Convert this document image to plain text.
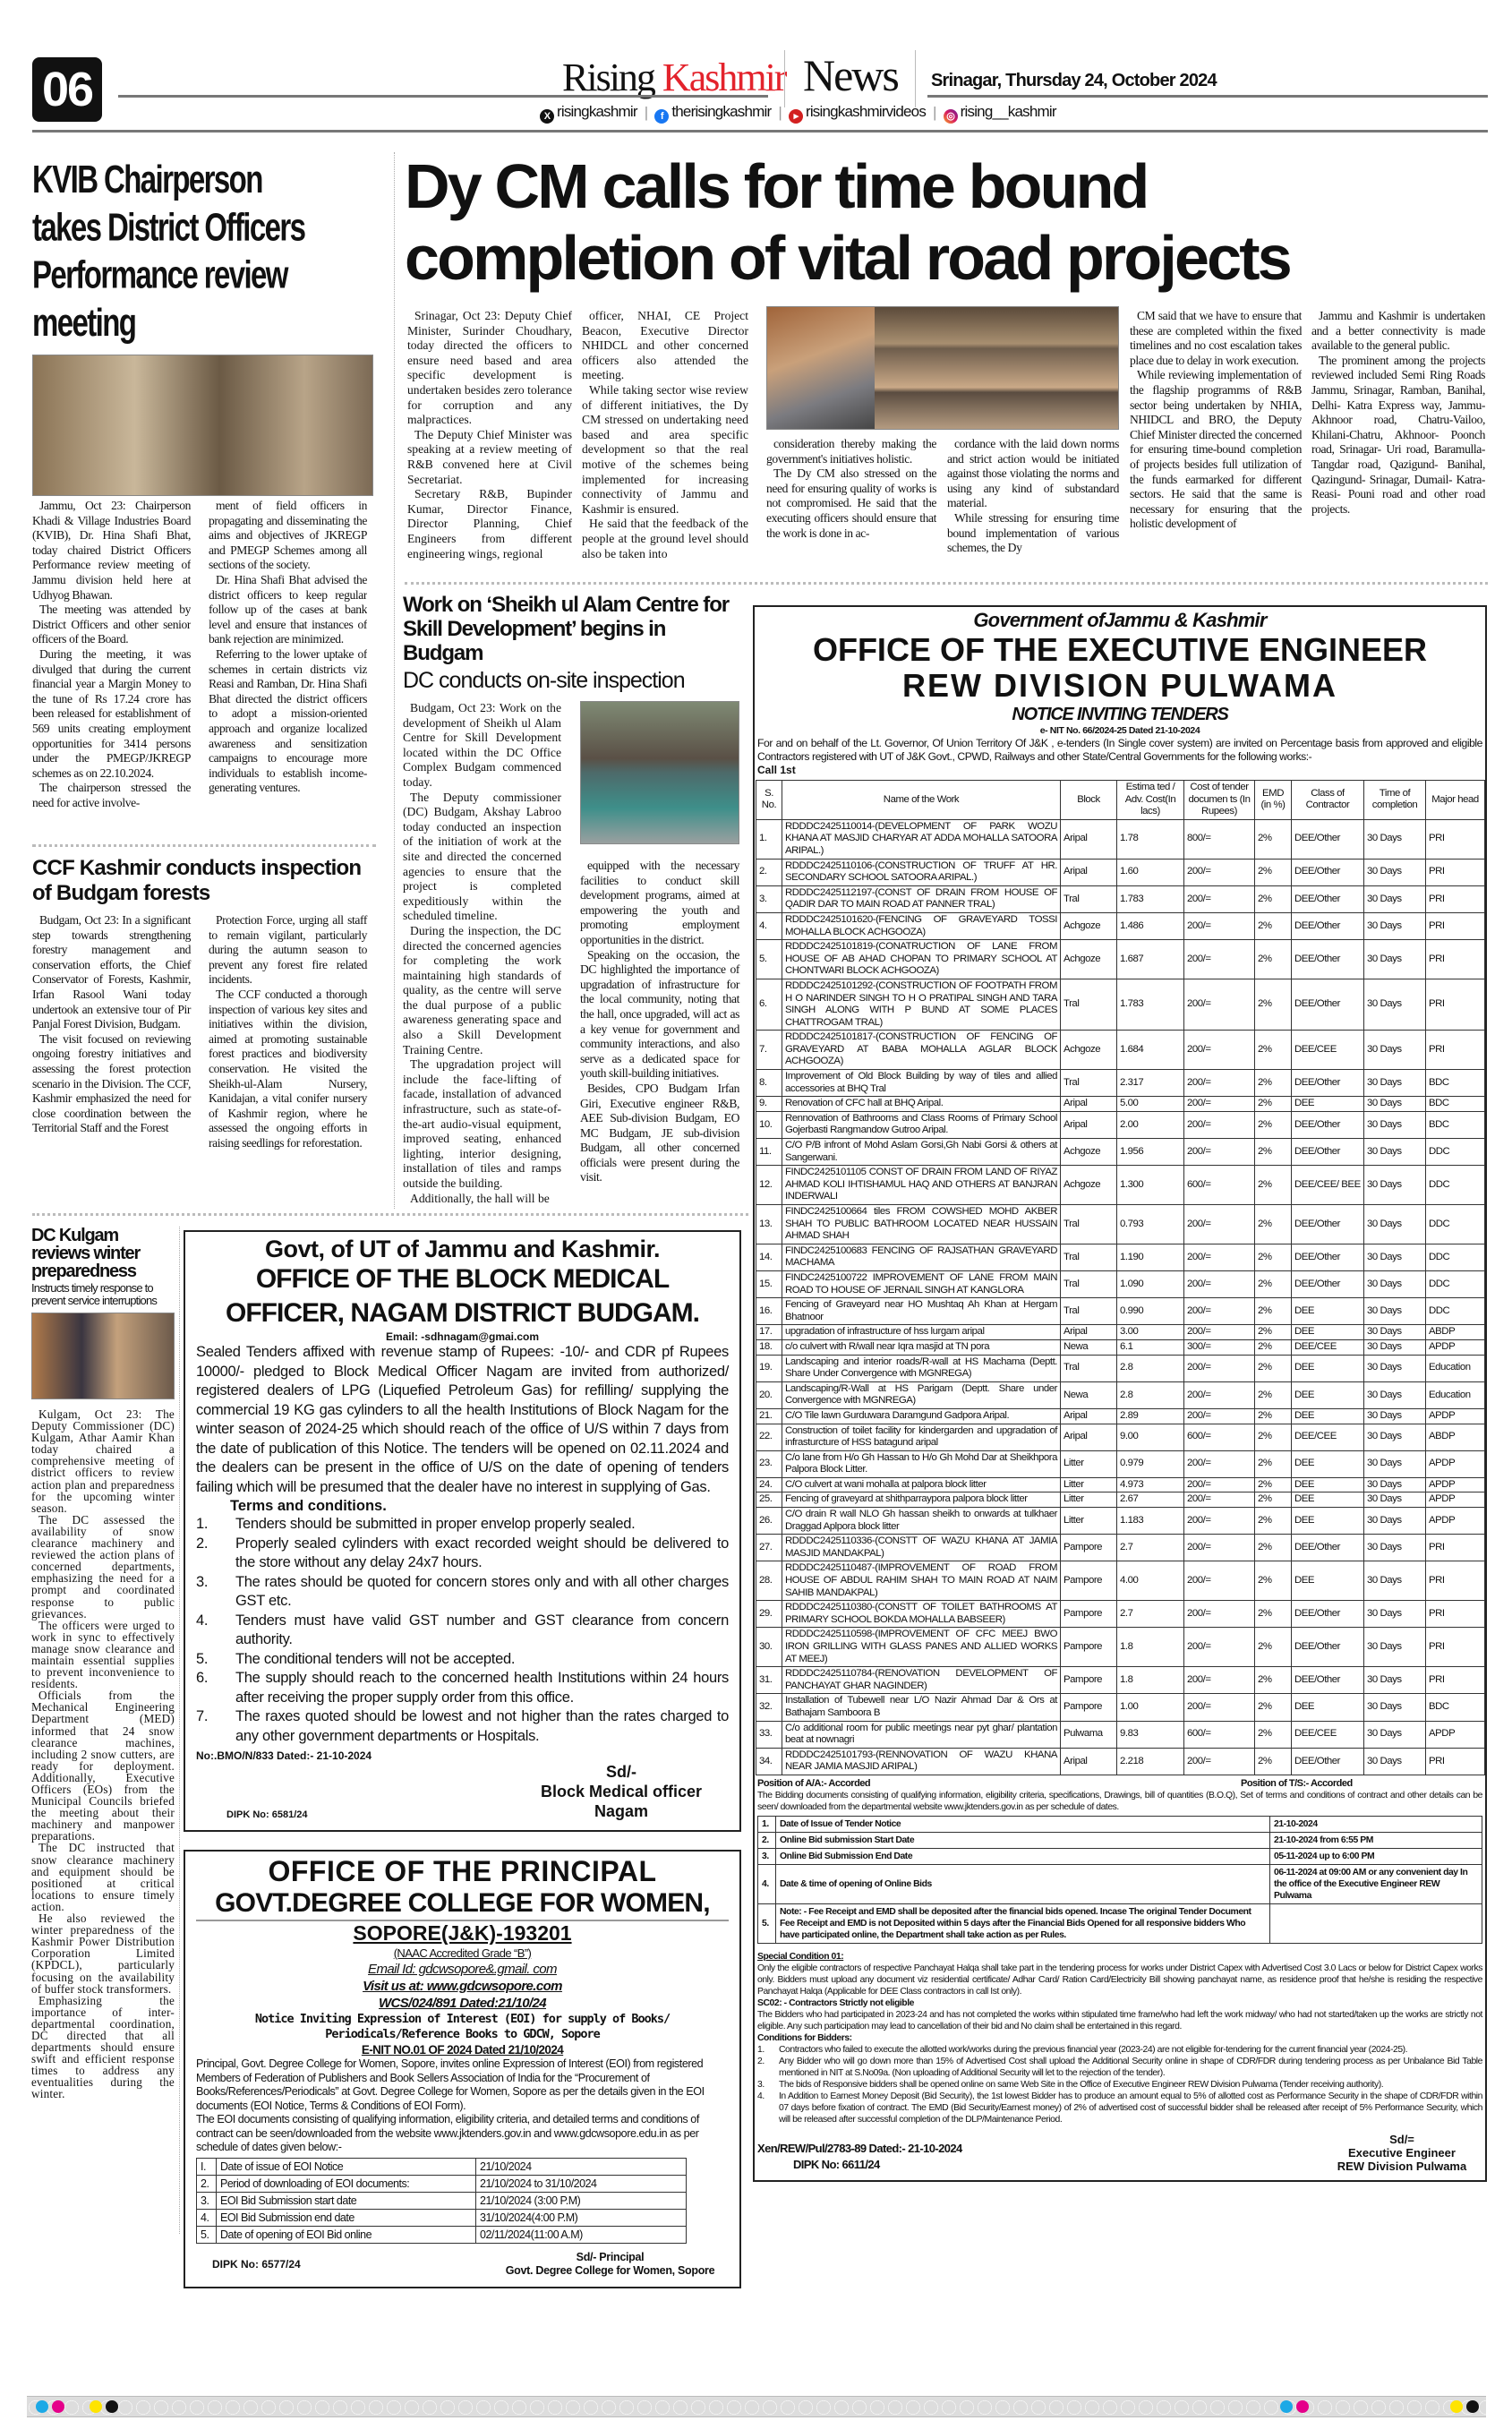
06	Rising Kashmir News Srinagar, Thursday 24, October 2024
X risingkashmir |	f therisingkashmir |	▸ risingkashmirvideos |	◎ rising__kashmir
KVIB Chairperson
takes District Officers
Performance review
meeting

Jammu, Oct 23: Chairperson Khadi & Village Industries Board (KVIB), Dr. Hina Shafi Bhat, today chaired District Officers Performance review meeting of Jammu division held here at Udhyog Bhawan.

The meeting was attended by District Officers and other senior officers of the Board.

During the meeting, it was divulged that during the current financial year a Margin Money to the tune of Rs 17.24 crore has been released for establishment of 569 units creating employment opportunities for 3414 persons under the PMEGP/JKREGP schemes as on 22.10.2024.

The chairperson stressed the need for active involve-

ment of field officers in propagating and disseminating the aims and objectives of JKREGP and PMEGP Schemes among all sections of the society.

Dr. Hina Shafi Bhat advised the district officers to keep regular follow up of the cases at bank level and ensure that instances of bank rejection are minimized.

Referring to the lower uptake of schemes in certain districts viz Reasi and Ramban, Dr. Hina Shafi Bhat directed the district officers to adopt a mission-oriented approach and organize localized awareness and sensitization campaigns to encourage more individuals to establish income-generating ventures.

CCF Kashmir conducts inspection of Budgam forests

Budgam, Oct 23: In a significant step towards strengthening forestry management and conservation efforts, the Chief Conservator of Forests, Kashmir, Irfan Rasool Wani today undertook an extensive tour of Pir Panjal Forest Division, Budgam.

The visit focused on reviewing ongoing forestry initiatives and assessing the forest protection scenario in the Division. The CCF, Kashmir emphasized the need for close coordination between the Territorial Staff and the Forest

Protection Force, urging all staff to remain vigilant, particularly during the autumn season to prevent any forest fire related incidents.

The CCF conducted a thorough inspection of various key sites and initiatives within the division, aimed at promoting sustainable forest practices and biodiversity conservation. He visited the Sheikh-ul-Alam Nursery, Kanidajan, a vital conifer nursery of Kashmir region, where he assessed the ongoing efforts in raising seedlings for reforestation.

Dy CM calls for time bound
completion of vital road projects

Srinagar, Oct 23: Deputy Chief Minister, Surinder Choudhary, today directed the officers to ensure need based and area specific development is undertaken besides zero tolerance for corruption and any malpractices.

The Deputy Chief Minister was speaking at a review meeting of R&B convened here at Civil Secretariat.

Secretary R&B, Bupinder Kumar, Director Finance, Director Planning, Chief Engineers from different engineering wings, regional

officer, NHAI, CE Project Beacon, Executive Director NHIDCL and other concerned officers also attended the meeting.

While taking sector wise review of different initiatives, the Dy CM stressed on undertaking need based and area specific development so that the real motive of the schemes being implemented for increasing connectivity of Jammu and Kashmir is ensured.

He said that the feedback of the people at the ground level should also be taken into

consideration thereby making the government's initiatives holistic.

The Dy CM also stressed on the need for ensuring quality of works is not compromised. He said that the executing officers should ensure that the work is done in ac-

cordance with the laid down norms and strict action would be initiated against those violating the norms and using any kind of substandard material.

While stressing for ensuring time bound implementation of various schemes, the Dy

CM said that we have to ensure that these are completed within the fixed timelines and no cost escalation takes place due to delay in work execution.

While reviewing implementation of the flagship programms of R&B sector being undertaken by NHIA, NHIDCL and BRO, the Deputy Chief Minister directed the concerned for ensuring time-bound completion of projects besides full utilization of the funds earmarked for different sectors. He said that the same is necessary for ensuring that the holistic development of

Jammu and Kashmir is undertaken and a better connectivity is made available to the general public.

The prominent among the projects reviewed included Semi Ring Roads Jammu, Srinagar, Ramban, Banihal, Delhi- Katra Express way, Jammu-Akhnoor road, Chatru-Vailoo, Khilani-Chatru, Akhnoor- Poonch road, Srinagar- Uri road, Baramulla- Tangdar road, Qazigund- Banihal, Qazingund- Srinagar, Dumail- Katra- Reasi- Pouni road and other road projects.

Work on ‘Sheikh ul Alam Centre for Skill Development’ begins in Budgam
DC conducts on-site inspection

Budgam, Oct 23: Work on the development of Sheikh ul Alam Centre for Skill Development located within the DC Office Complex Budgam commenced today.

The Deputy commissioner (DC) Budgam, Akshay Labroo today conducted an inspection of the initiation of work at the site and directed the concerned agencies to ensure that the project is completed expeditiously within the scheduled timeline.

During the inspection, the DC directed the concerned agencies for completing the work maintaining high standards of quality, as the centre will serve the dual purpose of a public awareness generating space and also a Skill Development Training Centre.

The upgradation project will include the face-lifting of facade, installation of advanced infrastructure, such as state-of-the-art audio-visual equipment, improved seating, enhanced lighting, interior designing, installation of tiles and ramps outside the building.

Additionally, the hall will be

equipped with the necessary facilities to conduct skill development programs, aimed at empowering the youth and promoting employment opportunities in the district.

Speaking on the occasion, the DC highlighted the importance of upgradation of infrastructure for the local community, noting that the hall, once upgraded, will act as a key venue for government and community interactions, and also serve as a dedicated space for youth skill-building initiatives.

Besides, CPO Budgam Irfan Giri, Executive engineer R&B, AEE Sub-division Budgam, EO MC Budgam, JE sub-division Budgam, all other concerned officials were present during the visit.

Government ofJammu & Kashmir
OFFICE OF THE EXECUTIVE ENGINEER
REW DIVISION PULWAMA
NOTICE INVITING TENDERS
e- NIT No. 66/2024-25 Dated 21-10-2024
For and on behalf of the Lt. Governor, Of Union Territory Of J&K , e-tenders (In Single cover system) are invited on Percentage basis from approved and eligible Contractors registered with UT of J&K Govt., CPWD, Railways and other State/Central Governments for the following works:-
Call 1st
S. No.	Name of the Work	Block	Estima ted / Adv. Cost(In lacs)	Cost of tender documen ts (In Rupees)	EMD (in %)	Class of Contractor	Time of completion	Major head
1.	RDDDC2425110014-(DEVELOPMENT OF PARK WOZU KHANA AT MASJID CHARYAR AT ADDA MOHALLA SATOORA ARIPAL.)	Aripal	1.78	800/=	2%	DEE/Other	30 Days	PRI
2.	RDDDC2425110106-(CONSTRUCTION OF TRUFF AT HR. SECONDARY SCHOOL SATOORA ARIPAL.)	Aripal	1.60	200/=	2%	DEE/Other	30 Days	PRI
3.	RDDDC2425112197-(CONST OF DRAIN FROM HOUSE OF QADIR DAR TO MAIN ROAD AT PANNER TRAL)	Tral	1.783	200/=	2%	DEE/Other	30 Days	PRI
4.	RDDDC2425101620-(FENCING OF GRAVEYARD TOSSI MOHALLA BLOCK ACHGOOZA)	Achgoze	1.486	200/=	2%	DEE/Other	30 Days	PRI
5.	RDDDC2425101819-(CONATRUCTION OF LANE FROM HOUSE OF AB AHAD CHOPAN TO PRIMARY SCHOOL AT CHONTWARI BLOCK ACHGOOZA)	Achgoze	1.687	200/=	2%	DEE/Other	30 Days	PRI
6.	RDDDC2425101292-(CONSTRUCTION OF FOOTPATH FROM H O NARINDER SINGH TO H O PRATIPAL SINGH AND TARA SINGH ALONG WITH P BUND AT SOME PLACES CHATTROGAM TRAL)	Tral	1.783	200/=	2%	DEE/Other	30 Days	PRI
7.	RDDDC2425101817-(CONSTRUCTION OF FENCING OF GRAVEYARD AT BABA MOHALLA AGLAR BLOCK ACHGOOZA)	Achgoze	1.684	200/=	2%	DEE/CEE	30 Days	PRI
8.	Improvement of Old Block Building by way of tiles and allied accessories at BHQ Tral	Tral	2.317	200/=	2%	DEE/Other	30 Days	BDC
9.	Renovation of CFC hall at BHQ Aripal.	Aripal	5.00	200/=	2%	DEE	30 Days	BDC
10.	Rennovation of Bathrooms and Class Rooms of Primary School Gojerbasti Rangmandow Gutroo Aripal.	Aripal	2.00	200/=	2%	DEE/Other	30 Days	BDC
11.	C/O P/B infront of Mohd Aslam Gorsi,Gh Nabi Gorsi & others at Sangerwani.	Achgoze	1.956	200/=	2%	DEE/Other	30 Days	DDC
12.	FINDC2425101105 CONST OF DRAIN FROM LAND OF RIYAZ AHMAD KOLI IHTISHAMUL HAQ AND OTHERS AT BANJRAN INDERWALI	Achgoze	1.300	600/=	2%	DEE/CEE/ BEE	30 Days	DDC
13.	FINDC2425100664 tiles FROM COWSHED MOHD AKBER SHAH TO PUBLIC BATHROOM LOCATED NEAR HUSSAIN AHMAD SHAH	Tral	0.793	200/=	2%	DEE/Other	30 Days	DDC
14.	FINDC2425100683 FENCING OF RAJSATHAN GRAVEYARD MACHAMA	Tral	1.190	200/=	2%	DEE/Other	30 Days	DDC
15.	FINDC2425100722 IMPROVEMENT OF LANE FROM MAIN ROAD TO HOUSE OF JERNAIL SINGH AT KANGLORA	Tral	1.090	200/=	2%	DEE/Other	30 Days	DDC
16.	Fencing of Graveyard near HO Mushtaq Ah Khan at Hergam Bhatnoor	Tral	0.990	200/=	2%	DEE	30 Days	DDC
17.	upgradation of infrastructure of hss lurgam aripal	Aripal	3.00	200/=	2%	DEE	30 Days	ABDP
18.	c/o culvert with R/wall near Iqra masjid at TN pora	Newa	6.1	300/=	2%	DEE/CEE	30 Days	APDP
19.	Landscaping and interior roads/R-wall at HS Machama (Deptt. Share Under Convergence with MGNREGA)	Tral	2.8	200/=	2%	DEE	30 Days	Education
20.	Landscaping/R-Wall at HS Parigam (Deptt. Share under Convergence with MGNREGA)	Newa	2.8	200/=	2%	DEE	30 Days	Education
21.	C/O Tile lawn Gurduwara Daramgund Gadpora Aripal.	Aripal	2.89	200/=	2%	DEE	30 Days	APDP
22.	Construction of toilet facility for kindergarden and upgradation of infrasturcture of HSS batagund aripal	Aripal	9.00	600/=	2%	DEE/CEE	30 Days	ABDP
23.	C/o lane from H/o Gh Hassan to H/o Gh Mohd Dar at Sheikhpora Palpora Block Litter.	Litter	0.979	200/=	2%	DEE	30 Days	APDP
24.	C/O culvert at wani mohalla at palpora block litter	Litter	4.973	200/=	2%	DEE	30 Days	APDP
25.	Fencing of graveyard at shithparraypora palpora block litter	Litter	2.67	200/=	2%	DEE	30 Days	APDP
26.	C/O drain R wall NLO Gh hassan sheikh to onwards at tulkhaer Draggad Aplpora block litter	Litter	1.183	200/=	2%	DEE	30 Days	APDP
27.	RDDDC2425110336-(CONSTT OF WAZU KHANA AT JAMIA MASJID MANDAKPAL)	Pampore	2.7	200/=	2%	DEE/Other	30 Days	PRI
28.	RDDDC2425110487-(IMPROVEMENT OF ROAD FROM HOUSE OF ABDUL RAHIM SHAH TO MAIN ROAD AT NAIM SAHIB MANDAKPAL)	Pampore	4.00	200/=	2%	DEE	30 Days	PRI
29.	RDDDC2425110380-(CONSTT OF TOILET BATHROOMS AT PRIMARY SCHOOL BOKDA MOHALLA BABSEER)	Pampore	2.7	200/=	2%	DEE/Other	30 Days	PRI
30.	RDDDC2425110598-(IMPROVEMENT OF CFC MEEJ BWO IRON GRILLING WITH GLASS PANES AND ALLIED WORKS AT MEEJ)	Pampore	1.8	200/=	2%	DEE/Other	30 Days	PRI
31.	RDDDC2425110784-(RENOVATION DEVELOPMENT OF PANCHAYAT GHAR NAGINDER)	Pampore	1.8	200/=	2%	DEE/Other	30 Days	PRI
32.	Installation of Tubewell near L/O Nazir Ahmad Dar & Ors at Bathajam Samboora B	Pampore	1.00	200/=	2%	DEE	30 Days	BDC
33.	C/o additional room for public meetings near pyt ghar/ plantation beat at nownagri	Pulwama	9.83	600/=	2%	DEE/CEE	30 Days	APDP
34.	RDDDC2425101793-(RENNOVATION OF WAZU KHANA NEAR JAMIA MASJID ARIPAL)	Aripal	2.218	200/=	2%	DEE/Other	30 Days	PRI
Position of A/A:- Accorded	Position of T/S:- Accorded
The Bidding documents consisting of qualifying information, eligibility criteria, specifications, Drawings, bill of quantities (B.O.Q), Set of terms and conditions of contract and other details can be seen/ downloaded from the departmental website www.jktenders.gov.in as per schedule of dates.
1.	Date of Issue of Tender Notice	21-10-2024
2.	Online Bid submission Start Date	21-10-2024 from 6:55 PM
3.	Online Bid Submission End Date	05-11-2024 up to 6:00 PM
4.	Date & time of opening of Online Bids	06-11-2024 at 09:00 AM or any convenient day In the office of the Executive Engineer REW Pulwama
5.	Note: - Fee Receipt and EMD shall be deposited after the financial bids opened. Incase The original Tender Document Fee Receipt and EMD is not Deposited within 5 days after the Financial Bids Opened for all responsive bidders Who have participated online, the Department shall take action as per Rules.	
Special Condition 01:
Only the eligible contractors of respective Panchayat Halqa shall take part in the tendering process for works under District Capex with Advertised Cost 3.0 Lacs or below for District Capex works only. Bidders must upload any document viz residential certificate/ Adhar Card/ Ration Card/Electricity Bill showing panchayat name, as residence proof that he/she is residing the respective Panchayat Halqa (Applicable for DEE Class contractors in call Ist only).
SC02: - Contractors Strictly not eligible
The Bidders who had participated in 2023-24 and has not completed the works within stipulated time frame/who had left the work midway/ who had not started/taken up the works are strictly not eligible. Any such participation may lead to cancellation of their bid and No claim shall be entertained in this regard.
Conditions for Bidders:
1.	Contractors who failed to execute the allotted work/works during the previous financial year (2023-24) are not eligible for-tendering for the current financial year (2024-25).
2.	Any Bidder who will go down more than 15% of Advertised Cost shall upload the Additional Security online in shape of CDR/FDR during tendering process as per Unbalance Bid Table mentioned in NIT at S.No09a. (Non uploading of Additional Security will let to the rejection of the tender).
3.	The bids of Responsive bidders shall be opened online on same Web Site in the Office of Executive Engineer REW Division Pulwama (Tender receiving authority).
4.	In Addition to Earnest Money Deposit (Bid Security), the 1st lowest Bidder has to produce an amount equal to 5% of allotted cost as Performance Security in the shape of CDR/FDR within 07 days before fixation of contract. The EMD (Bid Security/Earnest money) of 2% of advertised cost of successful bidder shall be released after receipt of 5% Performance Security, which will be released after successful completion of the DLP/Maintenance Period.
Xen/REW/Pul/2783-89 Dated:- 21-10-2024
DIPK No: 6611/24
Sd/=
Executive Engineer
REW Division Pulwama
DC Kulgam reviews winter preparedness
Instructs timely response to prevent service interruptions

Kulgam, Oct 23: The Deputy Commissioner (DC) Kulgam, Athar Aamir Khan today chaired a comprehensive meeting of district officers to review action plan and preparedness for the upcoming winter season.

The DC assessed the availability of snow clearance machinery and reviewed the action plans of concerned departments, emphasizing the need for a prompt and coordinated response to public grievances.

The officers were urged to work in sync to effectively manage snow clearance and maintain essential supplies to prevent inconvenience to residents.

Officials from the Mechanical Engineering Department (MED) informed that 24 snow clearance machines, including 2 snow cutters, are ready for deployment. Additionally, Executive Officers (EOs) from the Municipal Councils briefed the meeting about their machinery and manpower preparations.

The DC instructed that snow clearance machinery and equipment should be positioned at critical locations to ensure timely action.

He also reviewed the winter preparedness of the Kashmir Power Distribution Corporation Limited (KPDCL), particularly focusing on the availability of buffer stock transformers.

Emphasizing the importance of inter-departmental coordination, DC directed that all departments should ensure swift and efficient response times to address any eventualities during the winter.

Govt, of UT of Jammu and Kashmir.
OFFICE OF THE BLOCK MEDICAL
OFFICER, NAGAM DISTRICT BUDGAM.
Email: -sdhnagam@gmai.com
Sealed Tenders affixed with revenue stamp of Rupees: -10/- and CDR pf Rupees 10000/- pledged to Block Medical Officer Nagam are invited from authorized/ registered dealers of LPG (Liquefied Petroleum Gas) for refilling/ supplying the commercial 19 KG gas cylinders to all the health Institutions of Block Nagam for the winter season of 2024-25 which should reach of the office of U/S within 7 days from the date of publication of this Notice. The tenders will be opened on 02.11.2024 and the dealers can be present in the office of U/S on the date of opening of tenders failing which will be presumed that the dealer have no interest in supplying of Gas.
Terms and conditions.
1.	Tenders should be submitted in proper envelop properly sealed.
2.	Properly sealed cylinders with exact recorded weight should be delivered to the store without any delay 24x7 hours.
3.	The rates should be quoted for concern stores only and with all other charges GST etc.
4.	Tenders must have valid GST number and GST clearance from concern authority.
5.	The conditional tenders will not be accepted.
6.	The supply should reach to the concerned health Institutions within 24 hours after receiving the proper supply order from this office.
7.	The raxes quoted should be lowest and not higher than the rates charged to any other government departments or Hospitals.
No:.BMO/N/833 Dated:- 21-10-2024
DIPK No: 6581/24
Sd/-
Block Medical officer
Nagam
OFFICE OF THE PRINCIPAL
GOVT.DEGREE COLLEGE FOR WOMEN,
SOPORE(J&K)-193201
(NAAC Accredited Grade “B”)
Email Id: gdcwsopore&.gmail. com
Visit us at: www.gdcwsopore.com
WCS/024/891 Dated:21/10/24
Notice Inviting Expression of Interest (EOI) for supply of Books/ Periodicals/Reference Books to GDCW, Sopore
E-NIT NO.01 OF 2024 Dated 21/10/2024
Principal, Govt. Degree College for Women, Sopore, invites online Expression of Interest (EOI) from registered Members of Federation of Publishers and Book Sellers Association of India for the “Procurement of Books/References/Periodicals” at Govt. Degree College for Women, Sopore as per the details given in the EOI documents (EOI Notice, Terms & Conditions of EOI Form).
The EOI documents consisting of qualifying information, eligibility criteria, and detailed terms and conditions of contract can be seen/downloaded from the website www.jktenders.gov.in and www.gdcwsopore.edu.in as per schedule of dates given below:-
I.	Date of issue of EOI Notice	21/10/2024
2.	Period of downloading of EOI documents:	21/10/2024 to 31/10/2024
3.	EOI Bid Submission start date	21/10/2024 (3:00 P.M)
4.	EOI Bid Submission end date	31/10/2024(4:00 P.M)
5.	Date of opening of EOI Bid online	02/11/2024(11:00 A.M)
DIPK No: 6577/24
Sd/- Principal
Govt. Degree College for Women, Sopore
